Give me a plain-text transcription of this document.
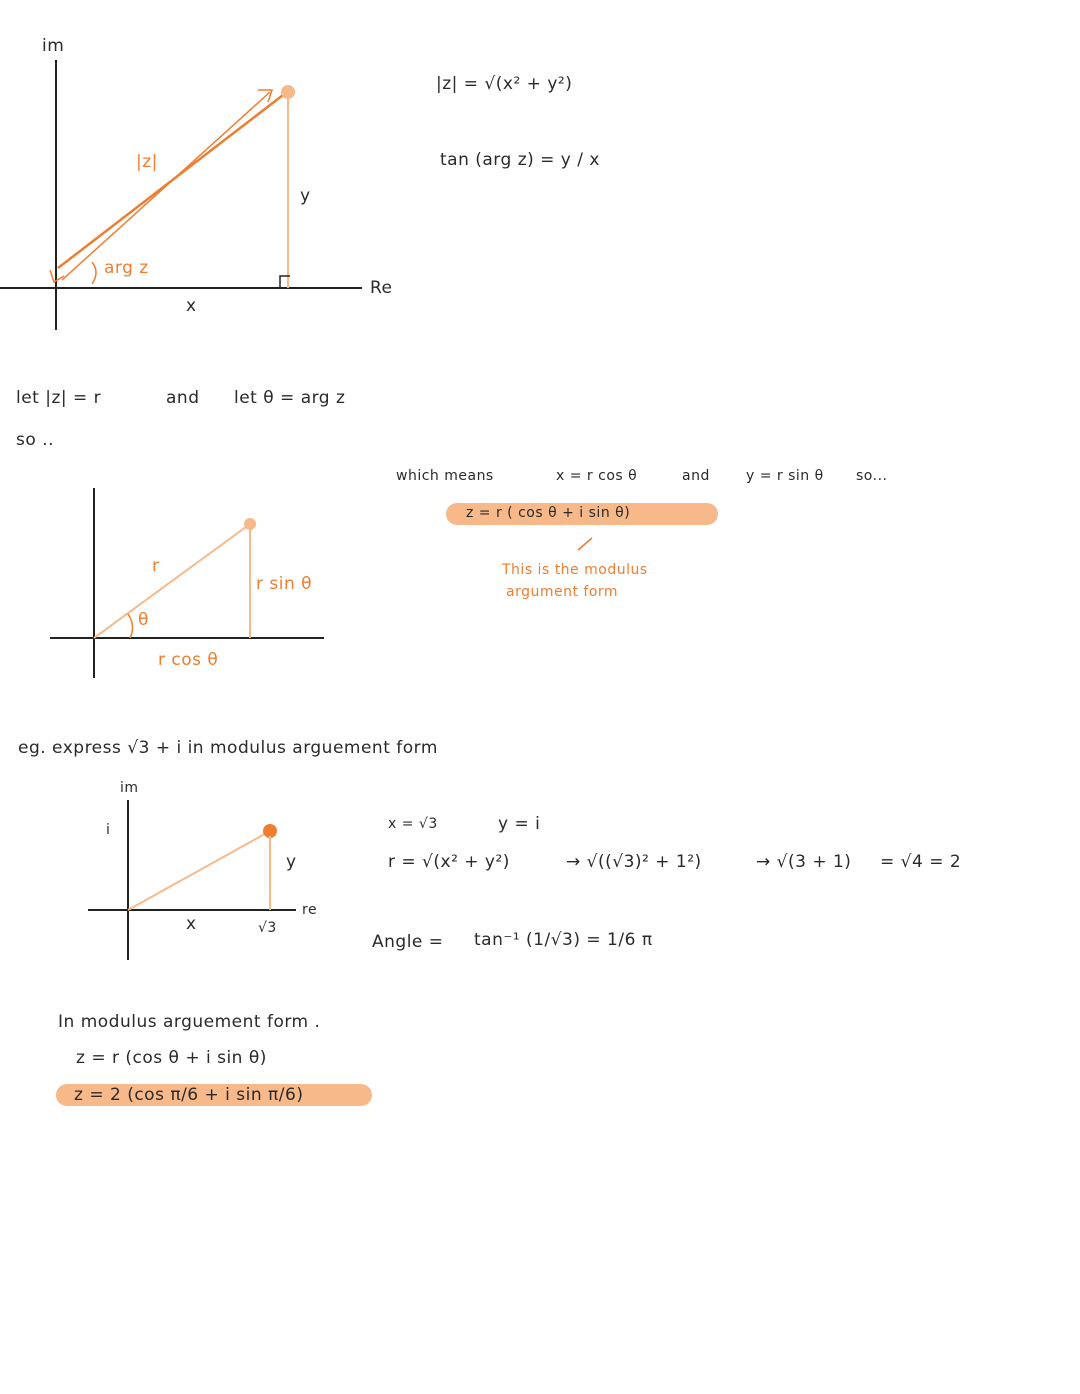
im
Re
|z|
arg z
x
y
|z| = √(x² + y²)
tan (arg z) = y / x
let |z| = r	and let θ = arg z
so ..
r
θ
r sin θ
r cos θ
which means	x = r cos θ	and	y = r sin θ so...
z = r ( cos θ + i sin θ)
This is the modulus
argument form
eg. express √3 + i in modulus arguement form
im
i
y
re
x	√3
x = √3	y = i
r = √(x² + y²)	→ √((√3)² + 1²)	→ √(3 + 1) = √4 = 2
Angle = tan⁻¹ (1/√3) = 1/6 π
In modulus arguement form .
z = r (cos θ + i sin θ)
z = 2 (cos π/6 + i sin π/6)
